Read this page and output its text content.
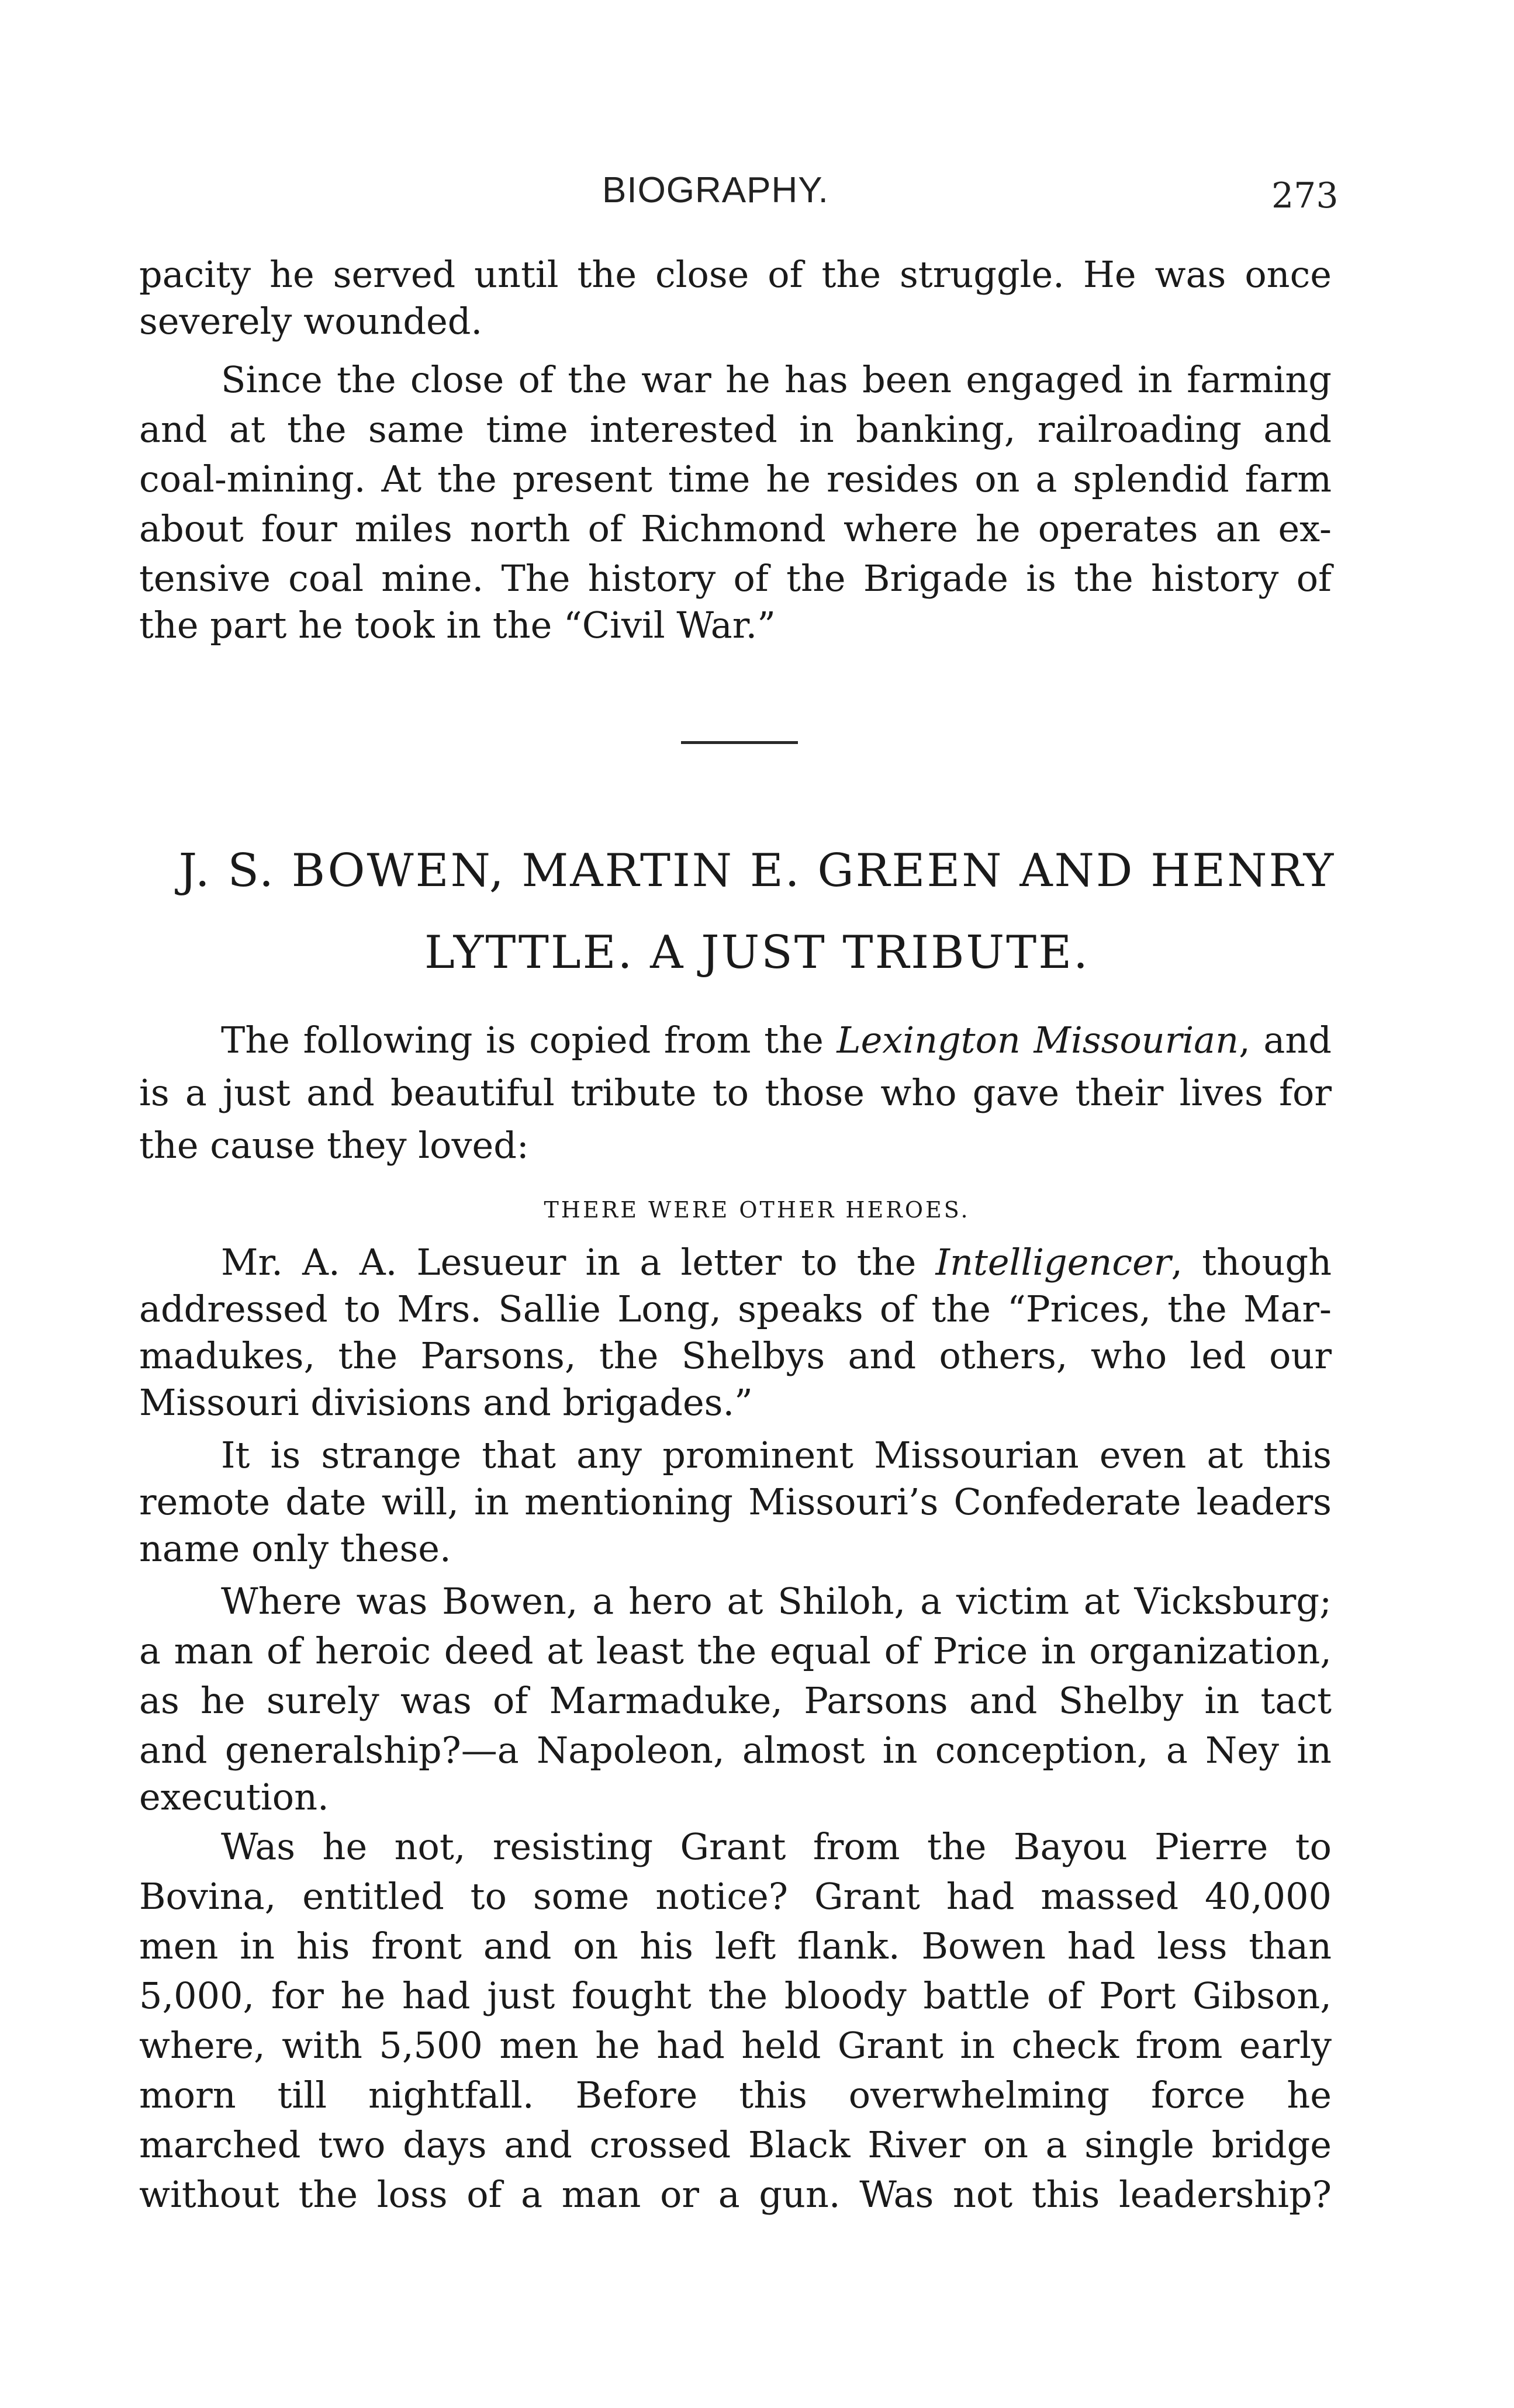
BIOGRAPHY.	273
pacity he served until the close of the struggle. He was once
severely wounded.
Since the close of the war he has been engaged in farming
and at the same time interested in banking, railroading and
coal-mining. At the present time he resides on a splendid farm
about four miles north of Richmond where he operates an ex-
tensive coal mine. The history of the Brigade is the history of
the part he took in the “Civil War.”
J. S. BOWEN, MARTIN E. GREEN AND HENRY
LYTTLE. A JUST TRIBUTE.
The following is copied from the Lexington Missourian, and
is a just and beautiful tribute to those who gave their lives for
the cause they loved:
THERE WERE OTHER HEROES.
Mr. A. A. Lesueur in a letter to the Intelligencer, though
addressed to Mrs. Sallie Long, speaks of the “Prices, the Mar-
madukes, the Parsons, the Shelbys and others, who led our
Missouri divisions and brigades.”
It is strange that any prominent Missourian even at this
remote date will, in mentioning Missouri’s Confederate leaders
name only these.
Where was Bowen, a hero at Shiloh, a victim at Vicksburg;
a man of heroic deed at least the equal of Price in organization,
as he surely was of Marmaduke, Parsons and Shelby in tact
and generalship?—a Napoleon, almost in conception, a Ney in
execution.
Was he not, resisting Grant from the Bayou Pierre to
Bovina, entitled to some notice? Grant had massed 40,000
men in his front and on his left flank. Bowen had less than
5,000, for he had just fought the bloody battle of Port Gibson,
where, with 5,500 men he had held Grant in check from early
morn till nightfall. Before this overwhelming force he
marched two days and crossed Black River on a single bridge
without the loss of a man or a gun. Was not this leadership?
